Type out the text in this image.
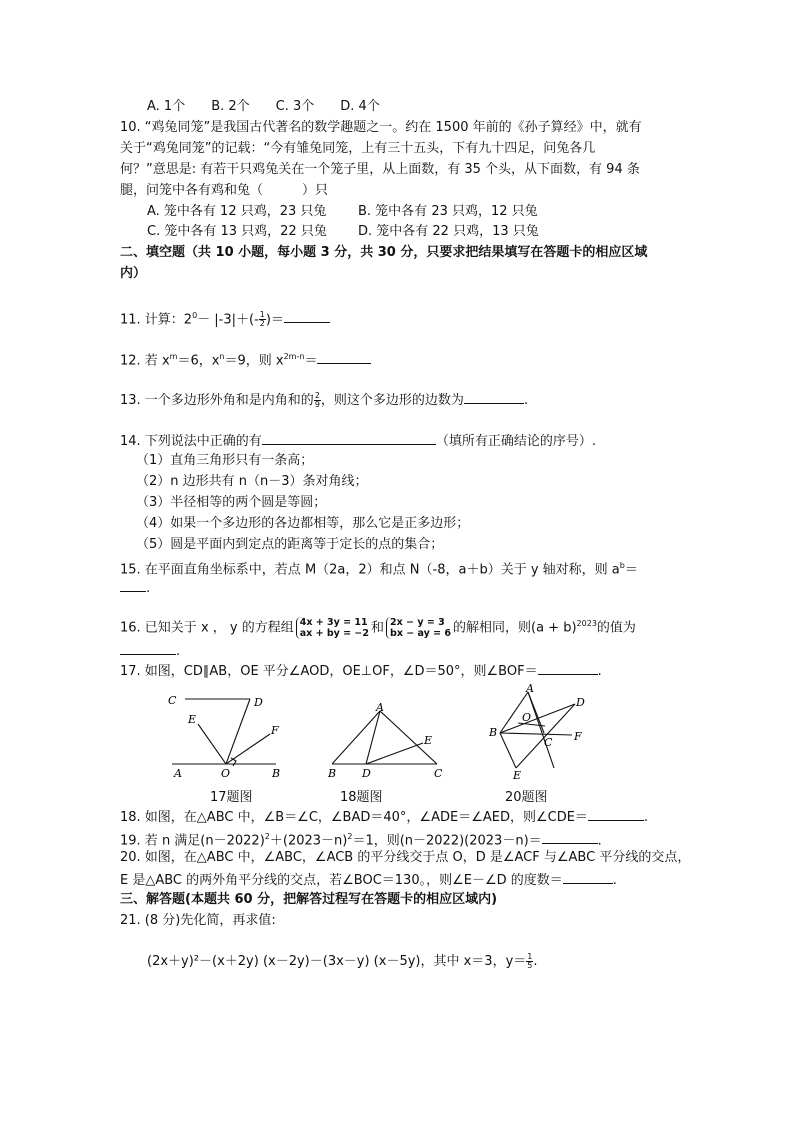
A. 1个　　B. 2个　　C. 3个　　D. 4个
10. “鸡兔同笼”是我国古代著名的数学趣题之一。约在 1500 年前的《孙子算经》中，就有
关于“鸡兔同笼”的记载：“今有雏兔同笼，上有三十五头，下有九十四足，问兔各几
何？”意思是: 有若干只鸡兔关在一个笼子里，从上面数，有 35 个头，从下面数，有 94 条
腿，问笼中各有鸡和兔（　　　）只
A. 笼中各有 12 只鸡，23 只兔 B. 笼中各有 23 只鸡，12 只兔
C. 笼中各有 13 只鸡，22 只兔 D. 笼中各有 22 只鸡，13 只兔
二、填空题（共 10 小题，每小题 3 分，共 30 分，只要求把结果填写在答题卡的相应区域
内）
11. 计算：$2^0- |-3|+(- \frac{1}{2}$ )＝
12. 若 $x^m=6$，$x^n=9$，则 $x^{2m-n}=$
13. 一个多边形外角和是内角和的 $\frac{2}{9}$ ，则这个多边形的边数为	.
14. 下列说法中正确的有	（填所有正确结论的序号）.
（1）直角三角形只有一条高；
（2）n 边形共有 n（n－3）条对角线；
（3）半径相等的两个圆是等圆；
（4）如果一个多边形的各边都相等，那么它是正多边形；
（5）圆是平面内到定点的距离等于定长的点的集合；
15. 在平面直角坐标系中，若点 M（2a，2）和点 N（-8，a＋b）关于 y 轴对称，则 $a^b=$
.
16. 已知关于 x ， y 的方程组 4x + 3y = 11
ax + by = −2 和 2x − y = 3
bx − ay = 6 的解相同，则$(a + b)^{2023}$的值为
.
17. 如图，CD∥AB，OE 平分∠AOD，OE⊥OF，∠D＝50°，则∠BOF＝	.
C	D
E
F
A	O	B
A
E
B D	C
A
D
O
B
C F
E
17题图	18题图	20题图
18. 如图，在△ABC 中，∠B＝∠C，∠BAD＝40°，∠ADE＝∠AED，则∠CDE＝	.
19. 若 n 满足$(n-2022)^2+(2023-n)^2=1$，则(n－2022)(2023－n)＝	.
20. 如图，在△ABC 中，∠ABC，∠ACB 的平分线交于点 O，D 是∠ACF 与∠ABC 平分线的交点，
E 是△ABC 的两外角平分线的交点，若∠BOC＝130。，则∠E－∠D 的度数＝	.
三、解答题(本题共 60 分，把解答过程写在答题卡的相应区域内)
21. (8 分)先化简，再求值:
(2x＋y)²－(x＋2y) (x－2y)－(3x－y) (x－5y)，其中 x＝3，$y= \frac{1}{5}$ .
